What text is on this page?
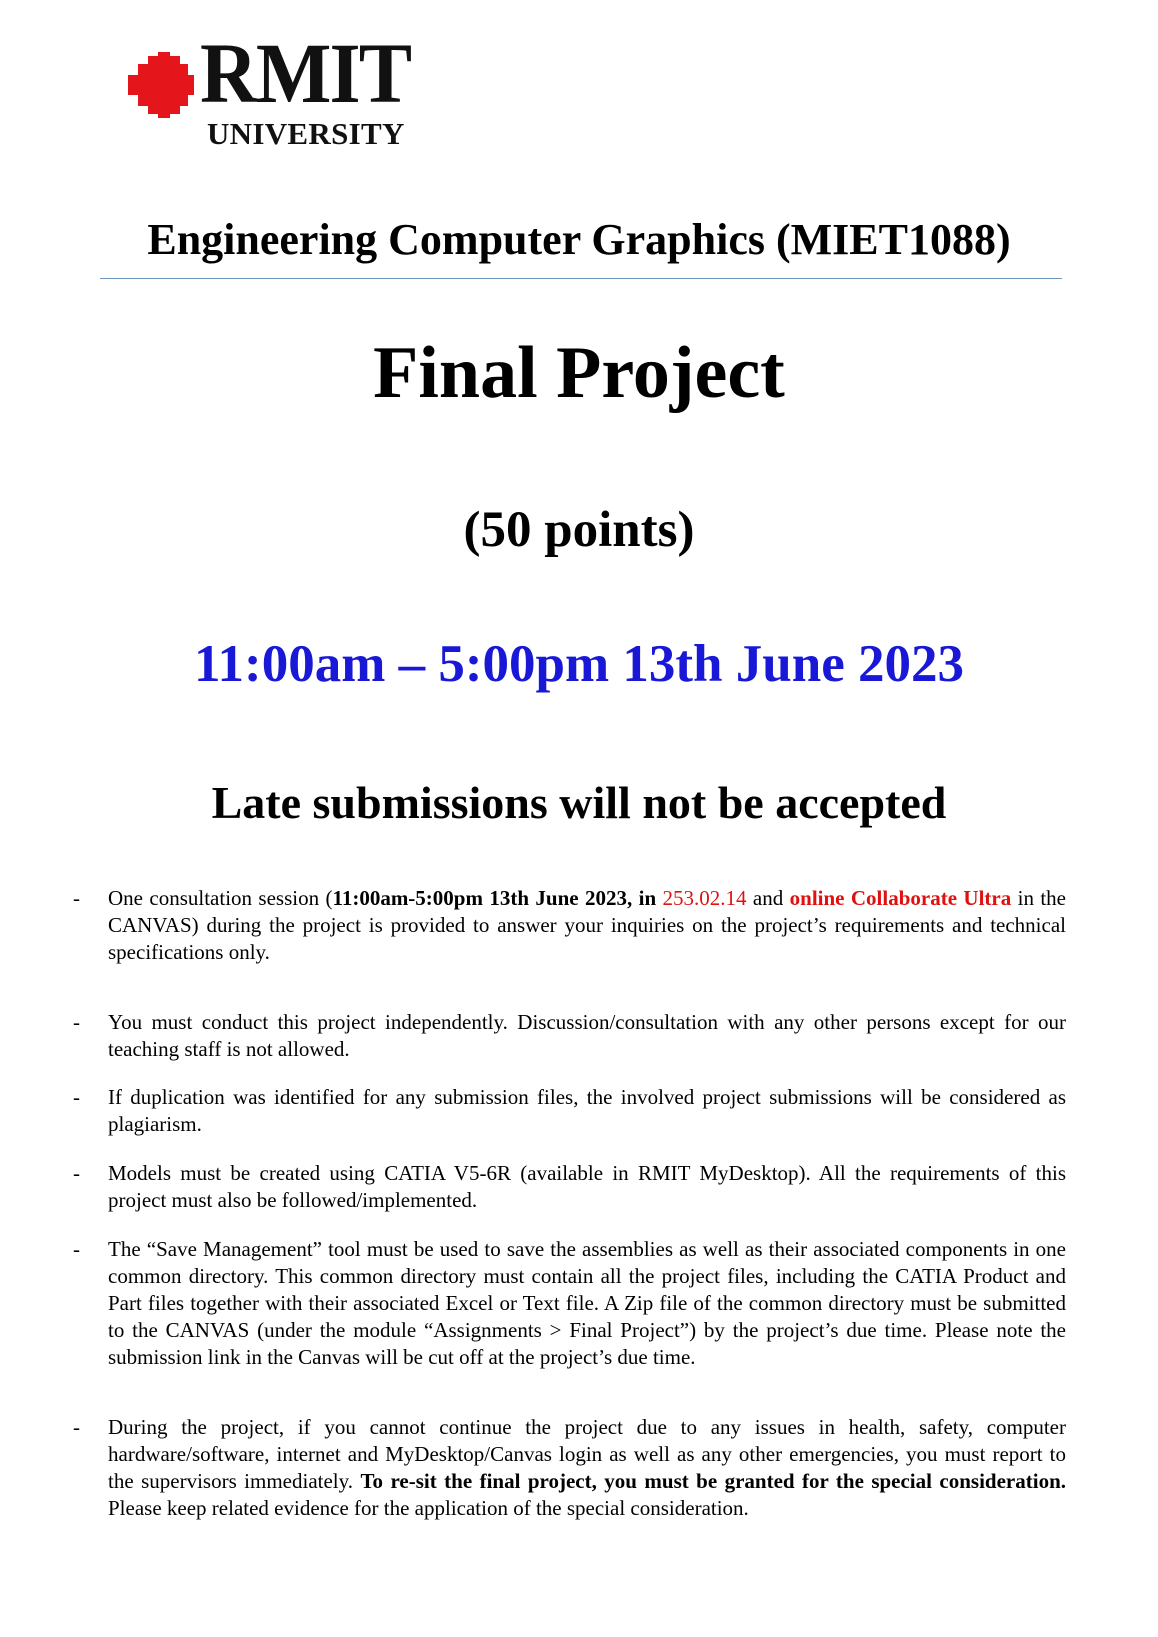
RMIT
UNIVERSITY
Engineering Computer Graphics (MIET1088)
Final Project
(50 points)
11:00am – 5:00pm 13th June 2023
Late submissions will not be accepted
- One consultation session (11:00am-5:00pm 13th June 2023, in 253.02.14 and online Collaborate Ultra in the CANVAS) during the project is provided to answer your inquiries on the project’s requirements and technical specifications only.

- You must conduct this project independently. Discussion/consultation with any other persons except for our teaching staff is not allowed.

- If duplication was identified for any submission files, the involved project submissions will be considered as plagiarism.

- Models must be created using CATIA V5-6R (available in RMIT MyDesktop). All the requirements of this project must also be followed/implemented.

- The “Save Management” tool must be used to save the assemblies as well as their associated components in one common directory. This common directory must contain all the project files, including the CATIA Product and Part files together with their associated Excel or Text file. A Zip file of the common directory must be submitted to the CANVAS (under the module “Assignments > Final Project”) by the project’s due time. Please note the submission link in the Canvas will be cut off at the project’s due time.

- During the project, if you cannot continue the project due to any issues in health, safety, computer hardware/software, internet and MyDesktop/Canvas login as well as any other emergencies, you must report to the supervisors immediately. To re-sit the final project, you must be granted for the special consideration. Please keep related evidence for the application of the special consideration.
